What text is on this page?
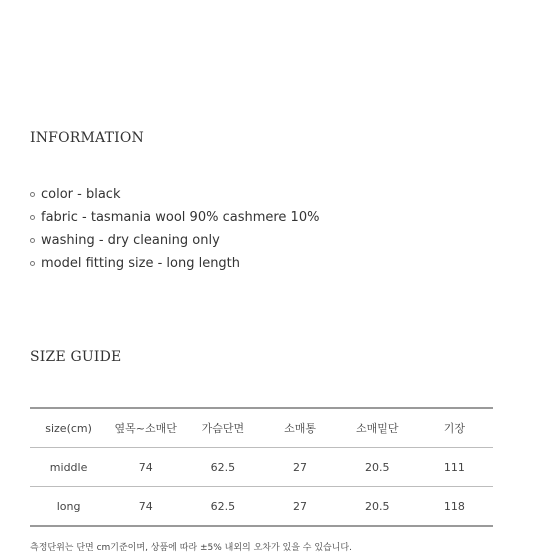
INFORMATION
color - black
fabric - tasmania wool 90% cashmere 10%
washing - dry cleaning only
model fitting size - long length
SIZE GUIDE
size(cm)	옆목~소매단	가슴단면	소매통	소매밑단	기장
middle	74	62.5	27	20.5	111
long	74	62.5	27	20.5	118

측정단위는 단면 cm기준이며, 상품에 따라 ±5% 내외의 오차가 있을 수 있습니다.
